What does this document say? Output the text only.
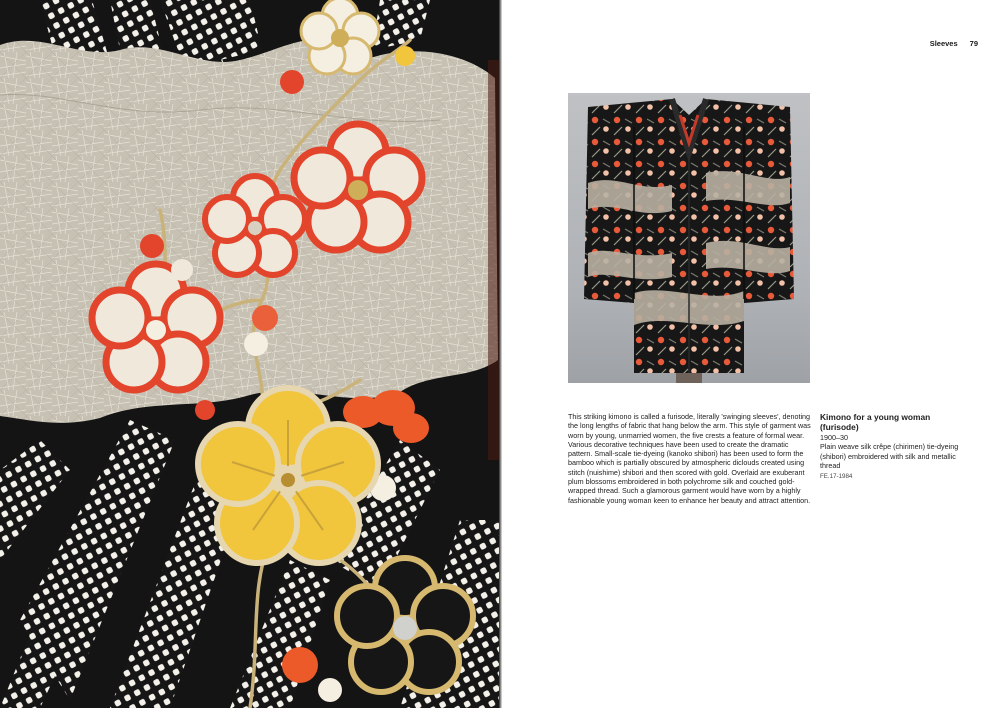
Sleeves 79

This striking kimono is called a furisode, literally 'swinging sleeves', denoting the long lengths of fabric that hang below the arm. This style of garment was worn by young, unmarried women, the five crests a feature of formal wear. Various decorative techniques have been used to create the dramatic pattern. Small-scale tie-dyeing (kanoko shibori) has been used to form the bamboo which is partially obscured by atmospheric diclouds created using stitch (nuishime) shibori and then scored with gold. Overlaid are exuberant plum blossoms embroidered in both polychrome silk and couched gold- wrapped thread. Such a glamorous garment would have worn by a highly fashionable young woman keen to enhance her beauty and attract attention.

Kimono for a young woman (furisode)

1900–30

Plain weave silk crêpe (chirimen) tie-dyeing (shibori) embroidered with silk and metallic thread

FE.17-1984
